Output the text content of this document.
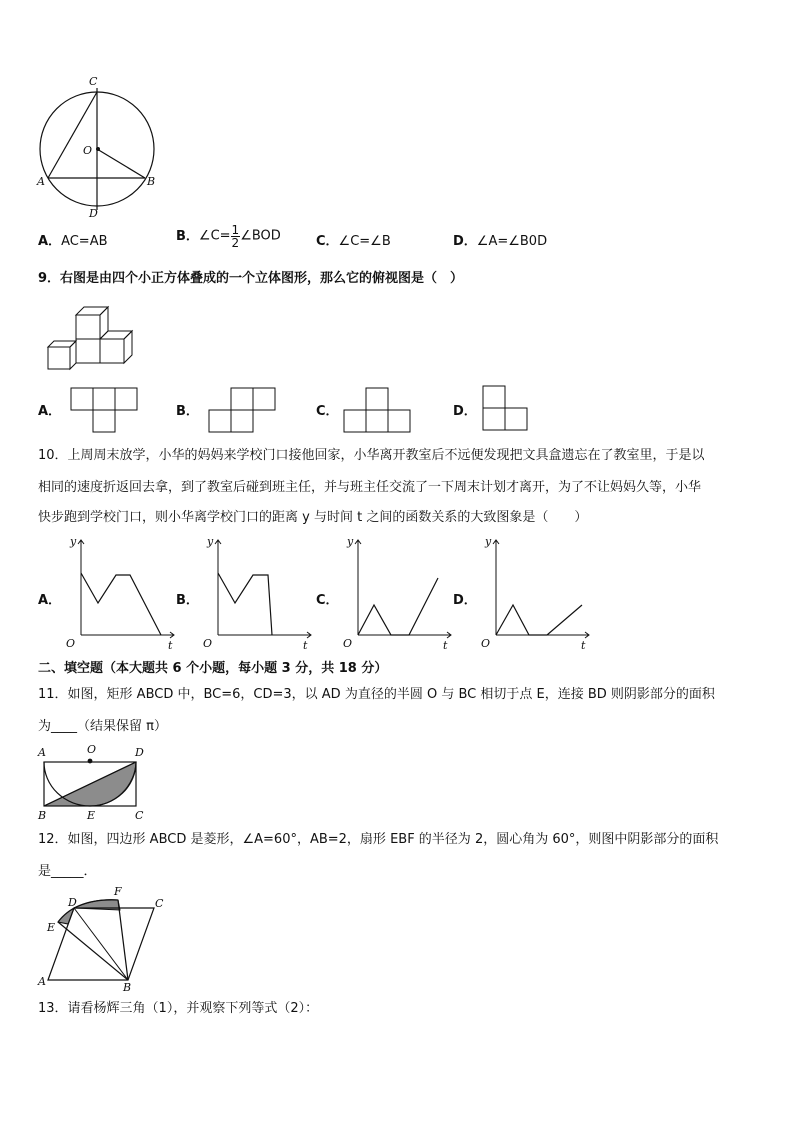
C
O
A	B
D
A．AC=AB	B．∠C= $\frac{1}{2}$ ∠BOD	C．∠C=∠B	D．∠A=∠B0D
9．右图是由四个小正方体叠成的一个立体图形，那么它的俯视图是（　）
A．	B．	C．	D．
10．上周周末放学，小华的妈妈来学校门口接他回家，小华离开教室后不远便发现把文具盒遗忘在了教室里，于是以
相同的速度折返回去拿，到了教室后碰到班主任，并与班主任交流了一下周末计划才离开，为了不让妈妈久等，小华
快步跑到学校门口，则小华离学校门口的距离 y 与时间 t 之间的函数关系的大致图象是（　　）
A．
y
t
O
B．
y
t
O
C．
y
t
O
D．
y
t
O
二、填空题（本大题共 6 个小题，每小题 3 分，共 18 分）
11．如图，矩形 ABCD 中，BC=6，CD=3，以 AD 为直径的半圆 O 与 BC 相切于点 E，连接 BD 则阴影部分的面积
为____（结果保留 π）
A	O	D
B	E	C
12．如图，四边形 ABCD 是菱形，∠A=60°，AB=2，扇形 EBF 的半径为 2，圆心角为 60°，则图中阴影部分的面积
是_____．
D
F
C
E
A	B
13．请看杨辉三角（1），并观察下列等式（2）：
